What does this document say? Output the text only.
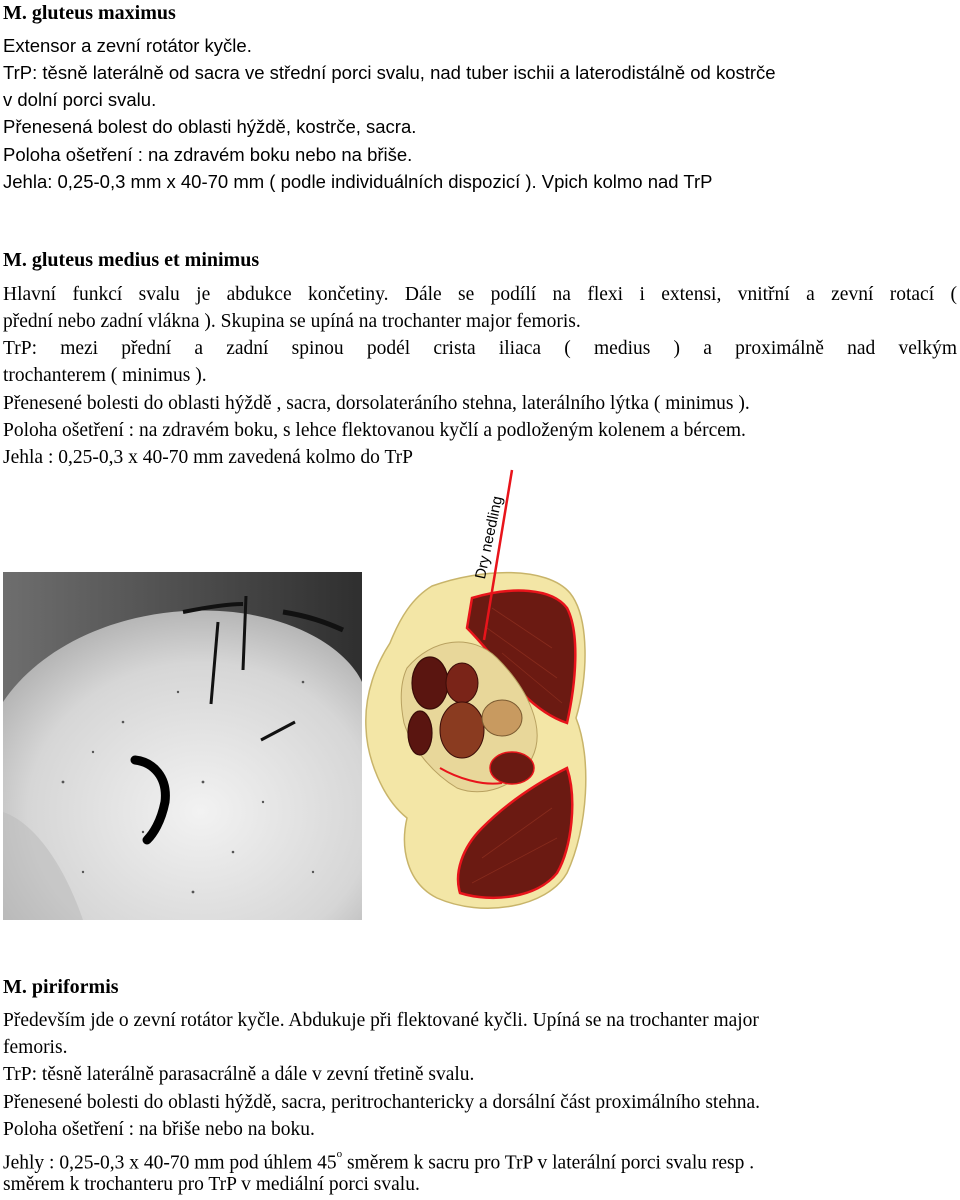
M. gluteus maximus
Extensor a zevní rotátor kyčle.
TrP: těsně laterálně od sacra ve střední porci svalu, nad tuber ischii a laterodistálně od kostrče
v dolní porci svalu.
Přenesená bolest do oblasti hýždě, kostrče, sacra.
Poloha ošetření : na zdravém boku nebo na břiše.
Jehla: 0,25-0,3 mm x 40-70 mm ( podle individuálních dispozicí ). Vpich kolmo nad TrP
M. gluteus medius et minimus
Hlavní funkcí svalu je abdukce končetiny. Dále se podílí na flexi i extensi, vnitřní a zevní rotací (
přední nebo zadní vlákna ). Skupina se upíná na trochanter major femoris.
TrP: mezi přední a zadní spinou podél crista iliaca ( medius ) a proximálně nad velkým
trochanterem ( minimus ).
Přenesené bolesti do oblasti hýždě , sacra, dorsolateráního stehna, laterálního lýtka ( minimus ).
Poloha ošetření : na zdravém boku, s lehce flektovanou kyčlí a podloženým kolenem a bércem.
Jehla : 0,25-0,3 x 40-70 mm zavedená kolmo do TrP
Dry needling
M. piriformis
Především jde o zevní rotátor kyčle. Abdukuje při flektované kyčli. Upíná se na trochanter major
femoris.
TrP: těsně laterálně parasacrálně a dále v zevní třetině svalu.
Přenesené bolesti do oblasti hýždě, sacra, peritrochantericky a dorsální část proximálního stehna.
Poloha ošetření : na břiše nebo na boku.
Jehly : 0,25-0,3 x 40-70 mm pod úhlem 45$^o$ směrem k sacru pro TrP v laterální porci svalu resp .
směrem k trochanteru pro TrP v mediální porci svalu.
